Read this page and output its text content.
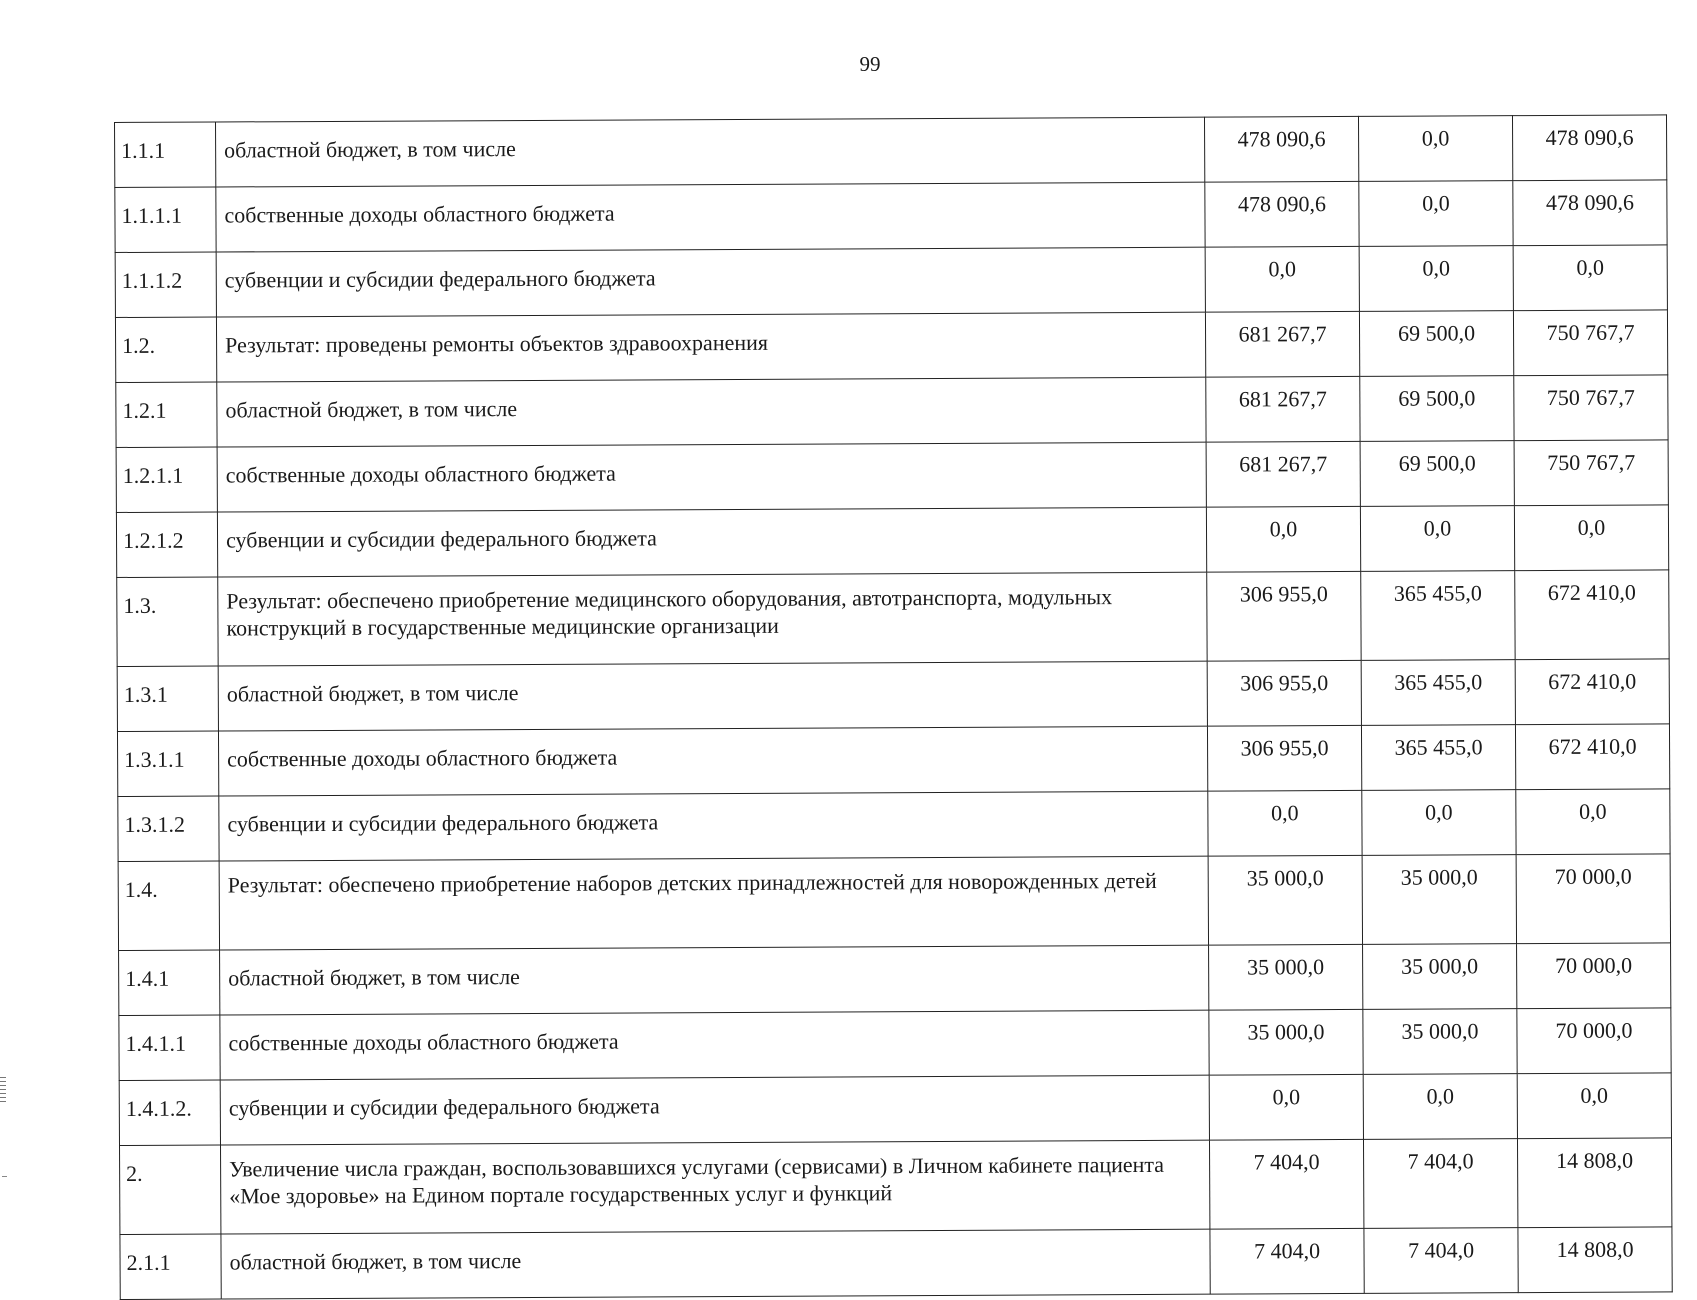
99
1.1.1	областной бюджет, в том числе	478 090,6	0,0	478 090,6
1.1.1.1	собственные доходы областного бюджета	478 090,6	0,0	478 090,6
1.1.1.2	субвенции и субсидии федерального бюджета	0,0	0,0	0,0
1.2.	Результат: проведены ремонты объектов здравоохранения	681 267,7	69 500,0	750 767,7
1.2.1	областной бюджет, в том числе	681 267,7	69 500,0	750 767,7
1.2.1.1	собственные доходы областного бюджета	681 267,7	69 500,0	750 767,7
1.2.1.2	субвенции и субсидии федерального бюджета	0,0	0,0	0,0
1.3.	Результат: обеспечено приобретение медицинского оборудования, автотранспорта, модульных конструкций в государственные медицинские организации	306 955,0	365 455,0	672 410,0
1.3.1	областной бюджет, в том числе	306 955,0	365 455,0	672 410,0
1.3.1.1	собственные доходы областного бюджета	306 955,0	365 455,0	672 410,0
1.3.1.2	субвенции и субсидии федерального бюджета	0,0	0,0	0,0
1.4.	Результат: обеспечено приобретение наборов детских принадлежностей для новорожденных детей	35 000,0	35 000,0	70 000,0
1.4.1	областной бюджет, в том числе	35 000,0	35 000,0	70 000,0
1.4.1.1	собственные доходы областного бюджета	35 000,0	35 000,0	70 000,0
1.4.1.2.	субвенции и субсидии федерального бюджета	0,0	0,0	0,0
2.	Увеличение числа граждан, воспользовавшихся услугами (сервисами) в Личном кабинете пациента «Мое здоровье» на Едином портале государственных услуг и функций	7 404,0	7 404,0	14 808,0
2.1.1	областной бюджет, в том числе	7 404,0	7 404,0	14 808,0
